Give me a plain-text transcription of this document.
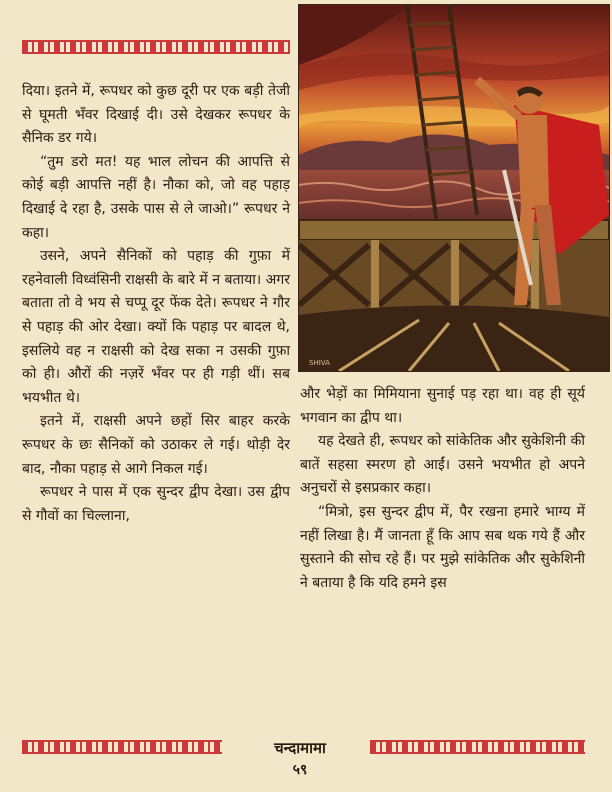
दिया। इतने में, रूपधर को कुछ दूरी पर एक बड़ी तेजी से घूमती भँवर दिखाई दी। उसे देखकर रूपधर के सैनिक डर गये।

“तुम डरो मत! यह भाल लोचन की आपत्ति से कोई बड़ी आपत्ति नहीं है। नौका को, जो वह पहाड़ दिखाई दे रहा है, उसके पास से ले जाओ।” रूपधर ने कहा।

उसने, अपने सैनिकों को पहाड़ की गुफ़ा में रहनेवाली विध्वंसिनी राक्षसी के बारे में न बताया। अगर बताता तो वे भय से चप्पू दूर फेंक देते। रूपधर ने गौर से पहाड़ की ओर देखा। क्यों कि पहाड़ पर बादल थे, इसलिये वह न राक्षसी को देख सका न उसकी गुफ़ा को ही। औरों की नज़रें भँवर पर ही गड़ी थीं। सब भयभीत थे।

इतने में, राक्षसी अपने छहों सिर बाहर करके रूपधर के छः सैनिकों को उठाकर ले गई। थोड़ी देर बाद, नौका पहाड़ से आगे निकल गई।

रूपधर ने पास में एक सुन्दर द्वीप देखा। उस द्वीप से गौवों का चिल्लाना,

SHIVA

और भेड़ों का मिमियाना सुनाई पड़ रहा था। वह ही सूर्य भगवान का द्वीप था।

यह देखते ही, रूपधर को सांकेतिक और सुकेशिनी की बातें सहसा स्मरण हो आईं। उसने भयभीत हो अपने अनुचरों से इसप्रकार कहा।

“मित्रो, इस सुन्दर द्वीप में, पैर रखना हमारे भाग्य में नहीं लिखा है। मैं जानता हूँ कि आप सब थक गये हैं और सुस्ताने की सोच रहे हैं। पर मुझे सांकेतिक और सुकेशिनी ने बताया है कि यदि हमने इस

चन्दामामा
५९
